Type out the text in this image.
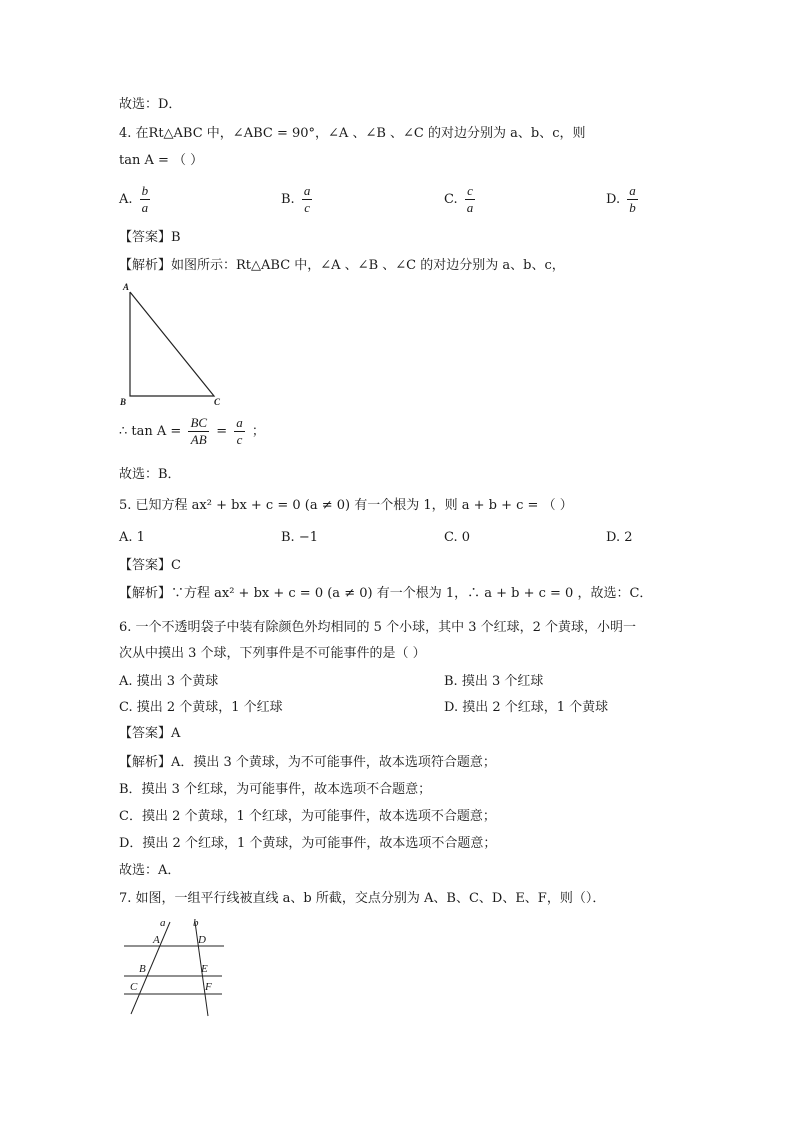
故选：D．
4. 在Rt△ABC 中，∠ABC = 90°，∠A 、∠B 、∠C 的对边分别为 a、b、c，则
tan A = （ ）
A. $\frac{b}{a}$	B. $\frac{a}{c}$	C. $\frac{c}{a}$	D. $\frac{a}{b}$
【答案】B
【解析】如图所示：Rt△ABC 中，∠A 、∠B 、∠C 的对边分别为 a、b、c，
A
B	C
∴ $\tan A = \frac{BC}{AB} = \frac{a}{c}$ ；
故选：B．
5. 已知方程 ax² + bx + c = 0 (a ≠ 0) 有一个根为 1，则 a + b + c = （ ）
A. 1	B. −1	C. 0	D. 2
【答案】C
【解析】∵方程 ax² + bx + c = 0 (a ≠ 0) 有一个根为 1，∴ a + b + c = 0 ，故选：C．
6. 一个不透明袋子中装有除颜色外均相同的 5 个小球，其中 3 个红球，2 个黄球，小明一
次从中摸出 3 个球，下列事件是不可能事件的是（ ）
A. 摸出 3 个黄球	B. 摸出 3 个红球
C. 摸出 2 个黄球，1 个红球	D. 摸出 2 个红球，1 个黄球
【答案】A
【解析】A．摸出 3 个黄球，为不可能事件，故本选项符合题意；
B．摸出 3 个红球，为可能事件，故本选项不合题意；
C．摸出 2 个黄球，1 个红球，为可能事件，故本选项不合题意；
D．摸出 2 个红球，1 个黄球，为可能事件，故本选项不合题意；
故选：A．
7. 如图，一组平行线被直线 a、b 所截，交点分别为 A、B、C、D、E、F，则（）．
a	b
A	D
B	E
C	F
